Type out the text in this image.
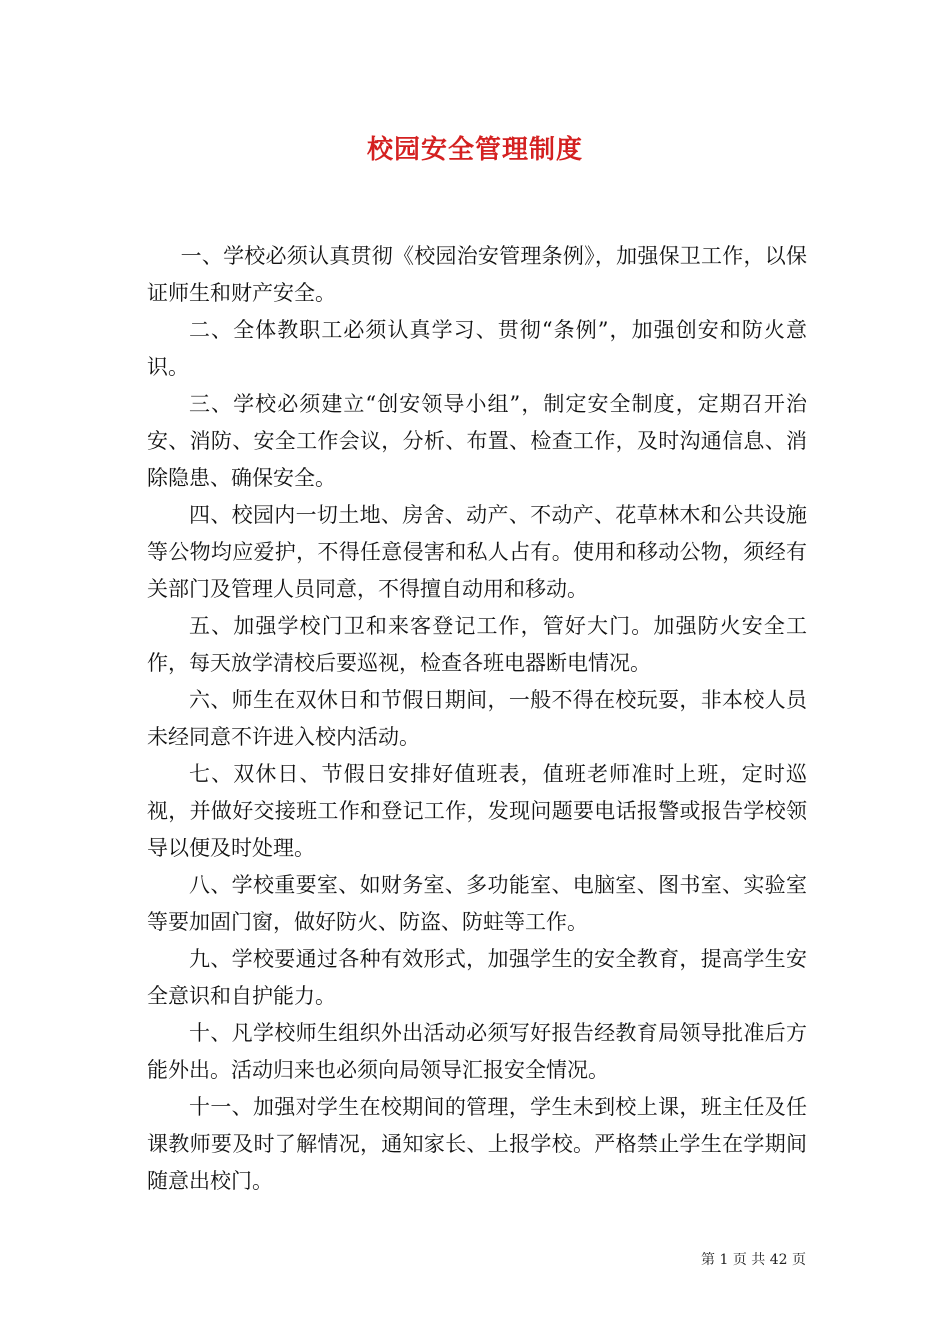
校园安全管理制度

一、学校必须认真贯彻《校园治安管理条例》，加强保卫工作，以保证师生和财产安全。

二、全体教职工必须认真学习、贯彻“条例”，加强创安和防火意识。

三、学校必须建立“创安领导小组”，制定安全制度，定期召开治安、消防、安全工作会议，分析、布置、检查工作，及时沟通信息、消除隐患、确保安全。

四、校园内一切土地、房舍、动产、不动产、花草林木和公共设施等公物均应爱护，不得任意侵害和私人占有。使用和移动公物，须经有关部门及管理人员同意，不得擅自动用和移动。

五、加强学校门卫和来客登记工作，管好大门。加强防火安全工作，每天放学清校后要巡视，检查各班电器断电情况。

六、师生在双休日和节假日期间，一般不得在校玩耍，非本校人员未经同意不许进入校内活动。

七、双休日、节假日安排好值班表，值班老师准时上班，定时巡视，并做好交接班工作和登记工作，发现问题要电话报警或报告学校领导以便及时处理。

八、学校重要室、如财务室、多功能室、电脑室、图书室、实验室等要加固门窗，做好防火、防盗、防蛀等工作。

九、学校要通过各种有效形式，加强学生的安全教育，提高学生安全意识和自护能力。

十、凡学校师生组织外出活动必须写好报告经教育局领导批准后方能外出。活动归来也必须向局领导汇报安全情况。

十一、加强对学生在校期间的管理，学生未到校上课，班主任及任课教师要及时了解情况，通知家长、上报学校。严格禁止学生在学期间随意出校门。

第 1 页 共 42 页
